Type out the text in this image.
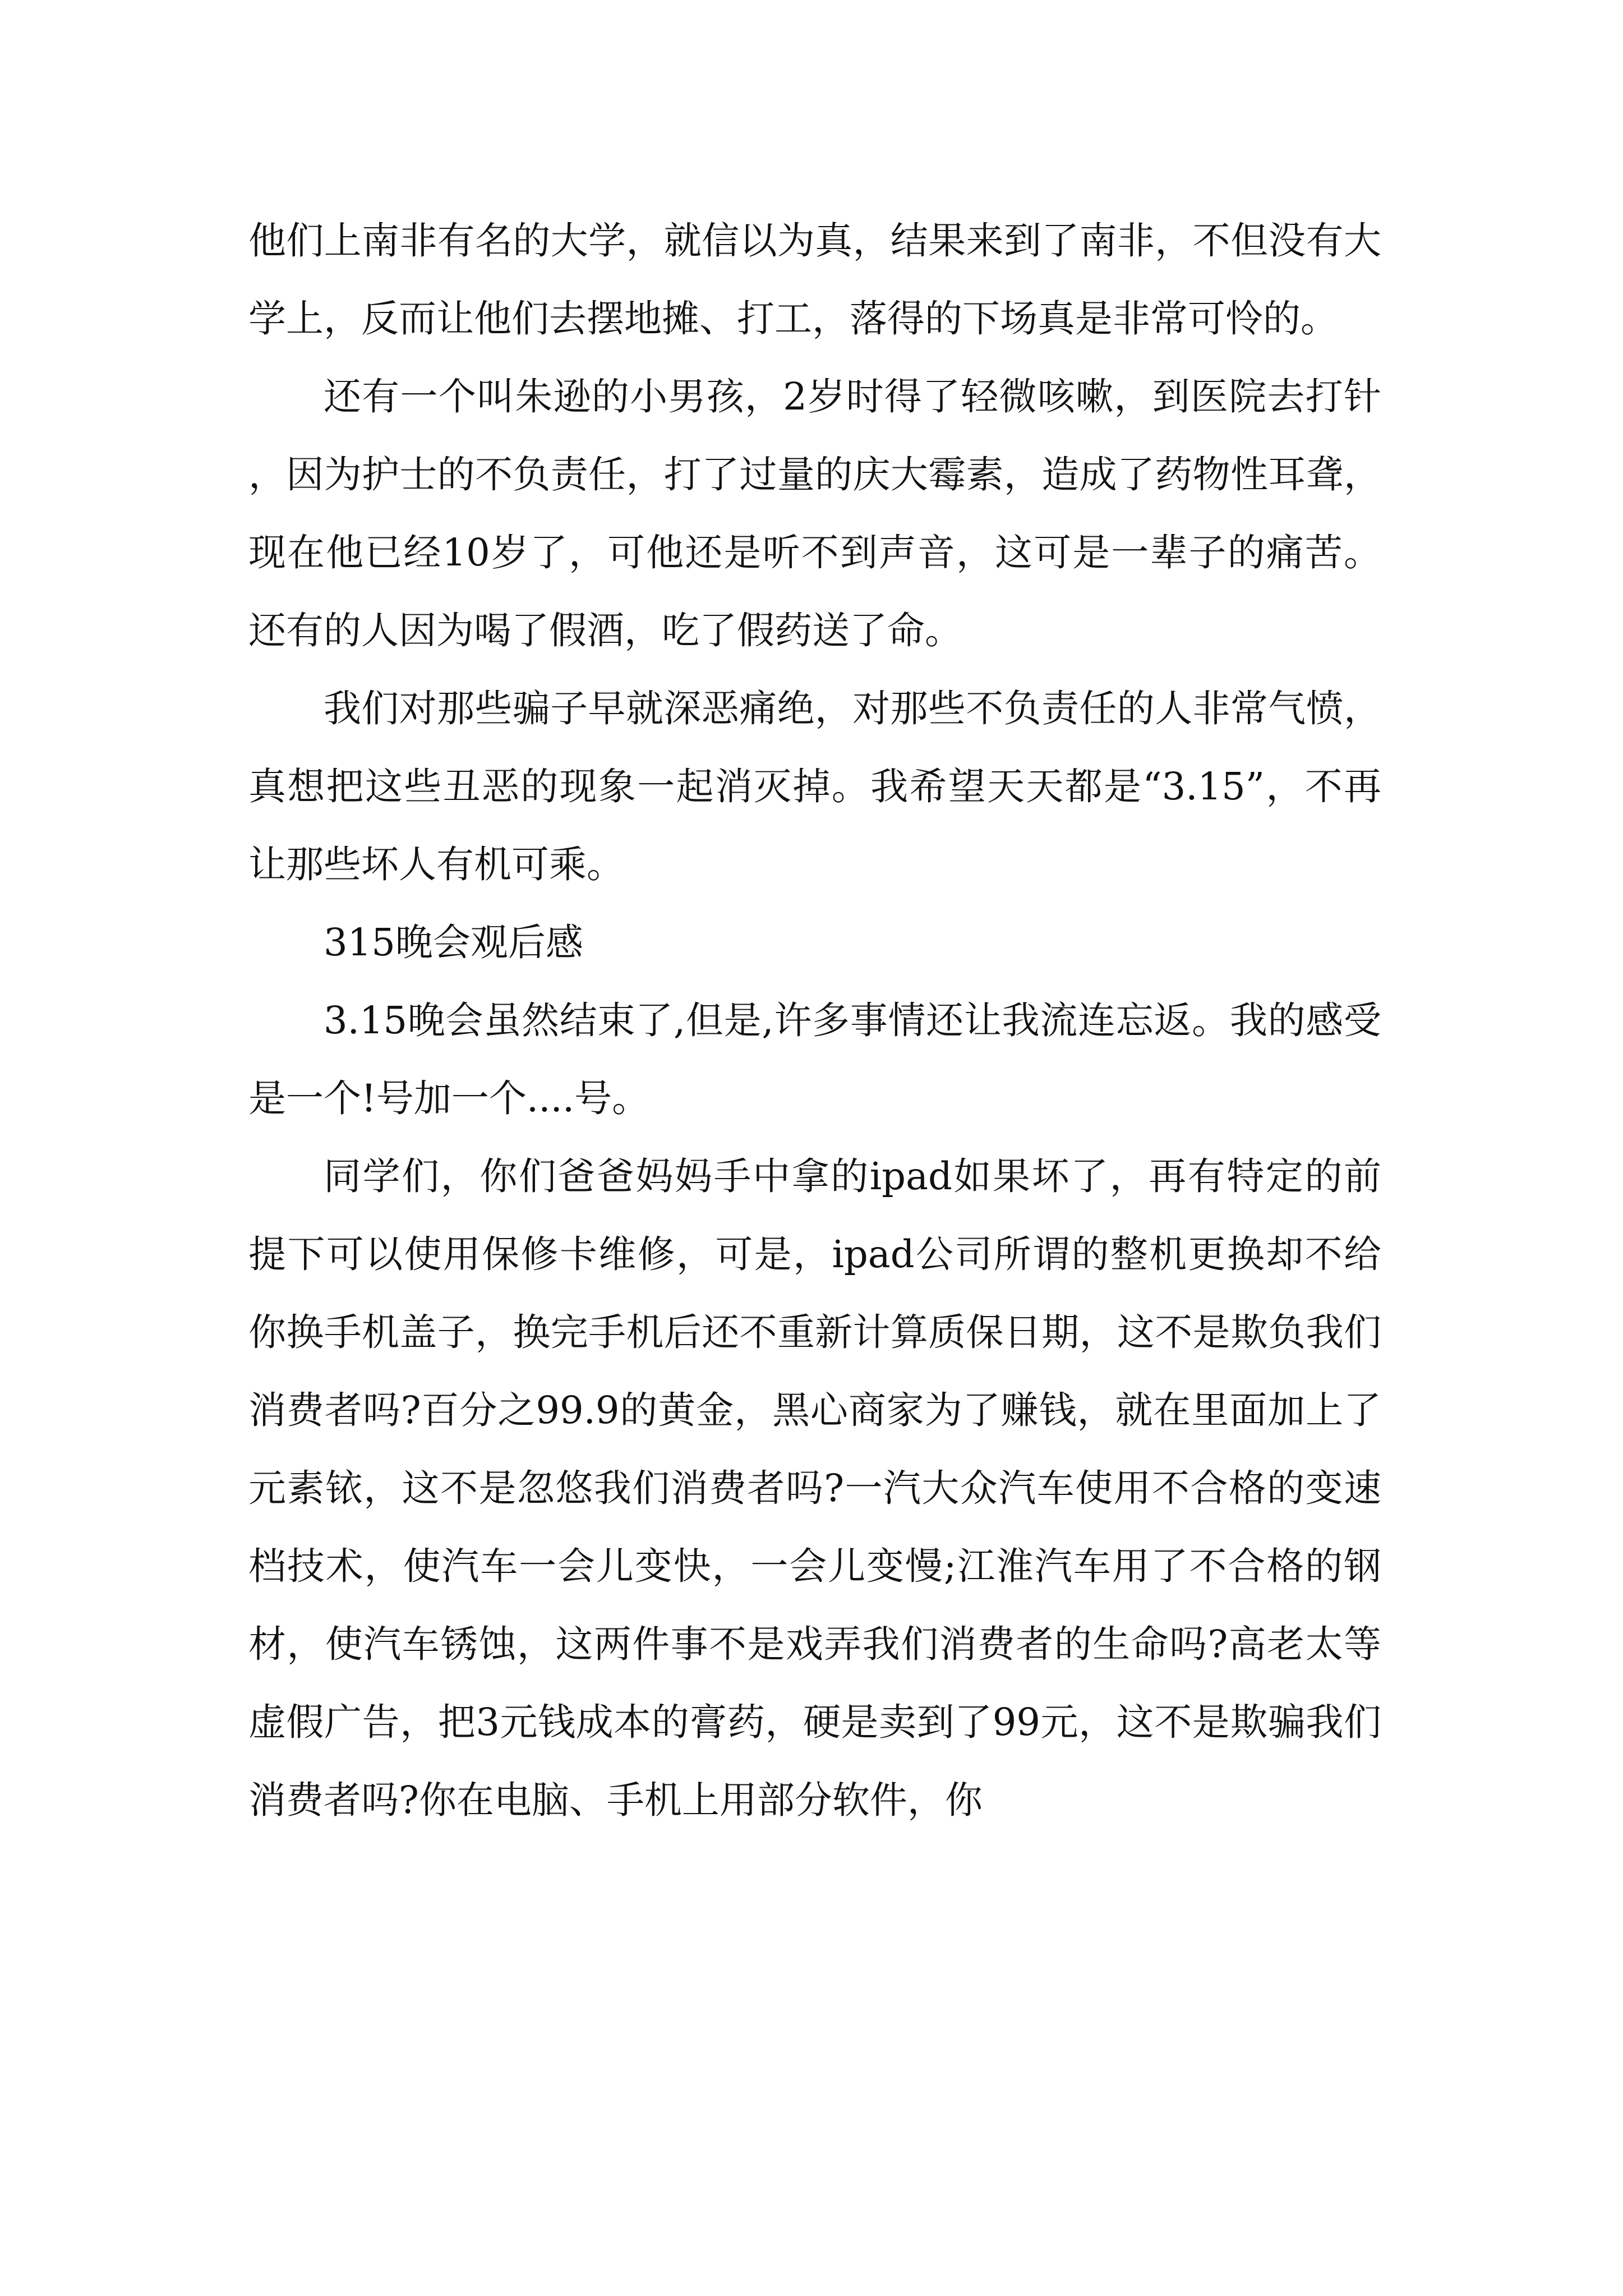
他们上南非有名的大学，就信以为真，结果来到了南非，不但没有大学上，反而让他们去摆地摊、打工，落得的下场真是非常可怜的。

还有一个叫朱逊的小男孩，2岁时得了轻微咳嗽，到医院去打针，因为护士的不负责任，打了过量的庆大霉素，造成了药物性耳聋，现在他已经10岁了，可他还是听不到声音，这可是一辈子的痛苦。还有的人因为喝了假酒，吃了假药送了命。

我们对那些骗子早就深恶痛绝，对那些不负责任的人非常气愤，真想把这些丑恶的现象一起消灭掉。我希望天天都是“3.15”，不再让那些坏人有机可乘。

315晚会观后感

3.15晚会虽然结束了,但是,许多事情还让我流连忘返。我的感受是一个!号加一个....号。

同学们，你们爸爸妈妈手中拿的ipad如果坏了，再有特定的前提下可以使用保修卡维修，可是，ipad公司所谓的整机更换却不给你换手机盖子，换完手机后还不重新计算质保日期，这不是欺负我们消费者吗?百分之99.9的黄金，黑心商家为了赚钱，就在里面加上了元素铱，这不是忽悠我们消费者吗?一汽大众汽车使用不合格的变速档技术，使汽车一会儿变快，一会儿变慢;江淮汽车用了不合格的钢材，使汽车锈蚀，这两件事不是戏弄我们消费者的生命吗?高老太等虚假广告，把3元钱成本的膏药，硬是卖到了99元，这不是欺骗我们消费者吗?你在电脑、手机上用部分软件，你
